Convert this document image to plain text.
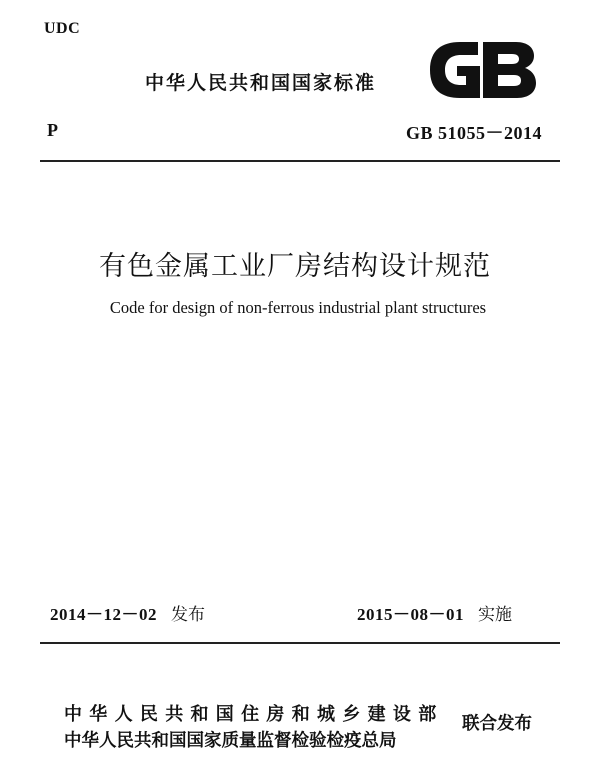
UDC
中华人民共和国国家标准
P	GB 51055－2014
有色金属工业厂房结构设计规范
Code for design of non-ferrous industrial plant structures
2014－12－02 发布	2015－08－01 实施
中华人民共和国住房和城乡建设部
中华人民共和国国家质量监督检验检疫总局
联合发布
